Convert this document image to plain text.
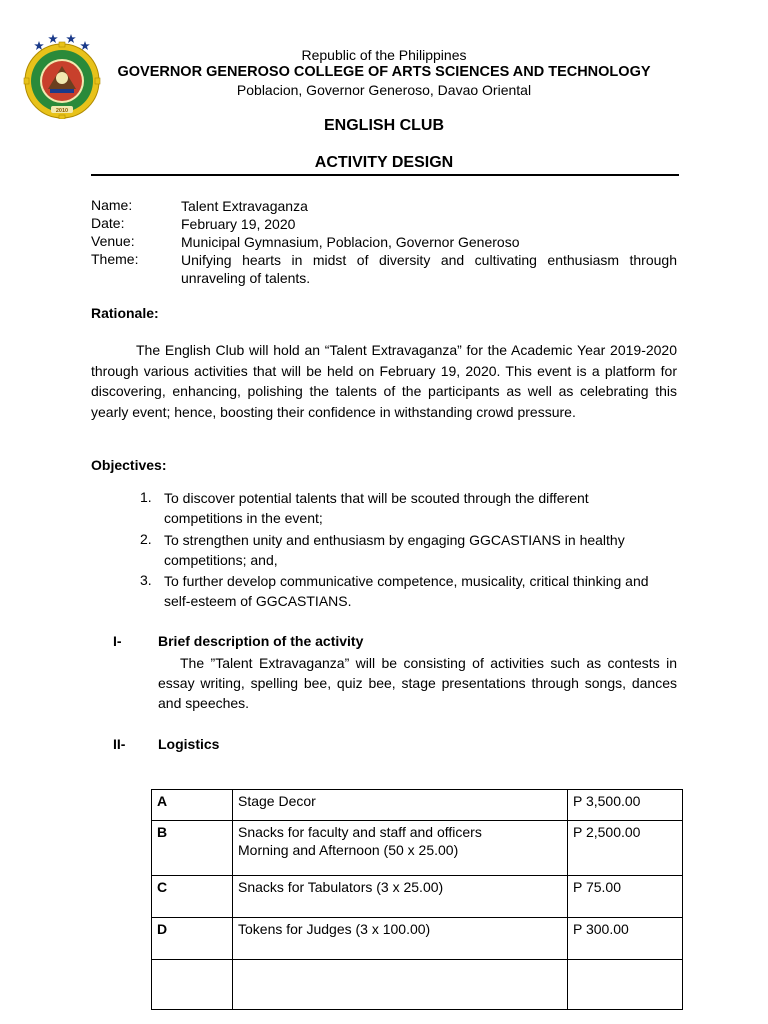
2010
Republic of the Philippines
GOVERNOR GENEROSO COLLEGE OF ARTS SCIENCES AND TECHNOLOGY
Poblacion, Governor Generoso, Davao Oriental
ENGLISH CLUB
ACTIVITY DESIGN
Name:	Talent Extravaganza
Date:	February 19, 2020
Venue:	Municipal Gymnasium, Poblacion, Governor Generoso
Theme:	Unifying hearts in midst of diversity and cultivating enthusiasm through unraveling of talents.
Rationale:
The English Club will hold an “Talent Extravaganza” for the Academic Year 2019-2020 through various activities that will be held on February 19, 2020. This event is a platform for discovering, enhancing, polishing the talents of the participants as well as celebrating this yearly event; hence, boosting their confidence in withstanding crowd pressure.
Objectives:
1. To discover potential talents that will be scouted through the different competitions in the event;
2. To strengthen unity and enthusiasm by engaging GGCASTIANS in healthy competitions; and,
3. To further develop communicative competence, musicality, critical thinking and self-esteem of GGCASTIANS.
I-	Brief description of the activity
The ”Talent Extravaganza” will be consisting of activities such as contests in essay writing, spelling bee, quiz bee, stage presentations through songs, dances and speeches.
II- Logistics
A	Stage Decor	P 3,500.00
B	Snacks for faculty and staff and officers
Morning and Afternoon (50 x 25.00)	P 2,500.00
C	Snacks for Tabulators (3 x 25.00)	P 75.00
D	Tokens for Judges (3 x 100.00)	P 300.00
